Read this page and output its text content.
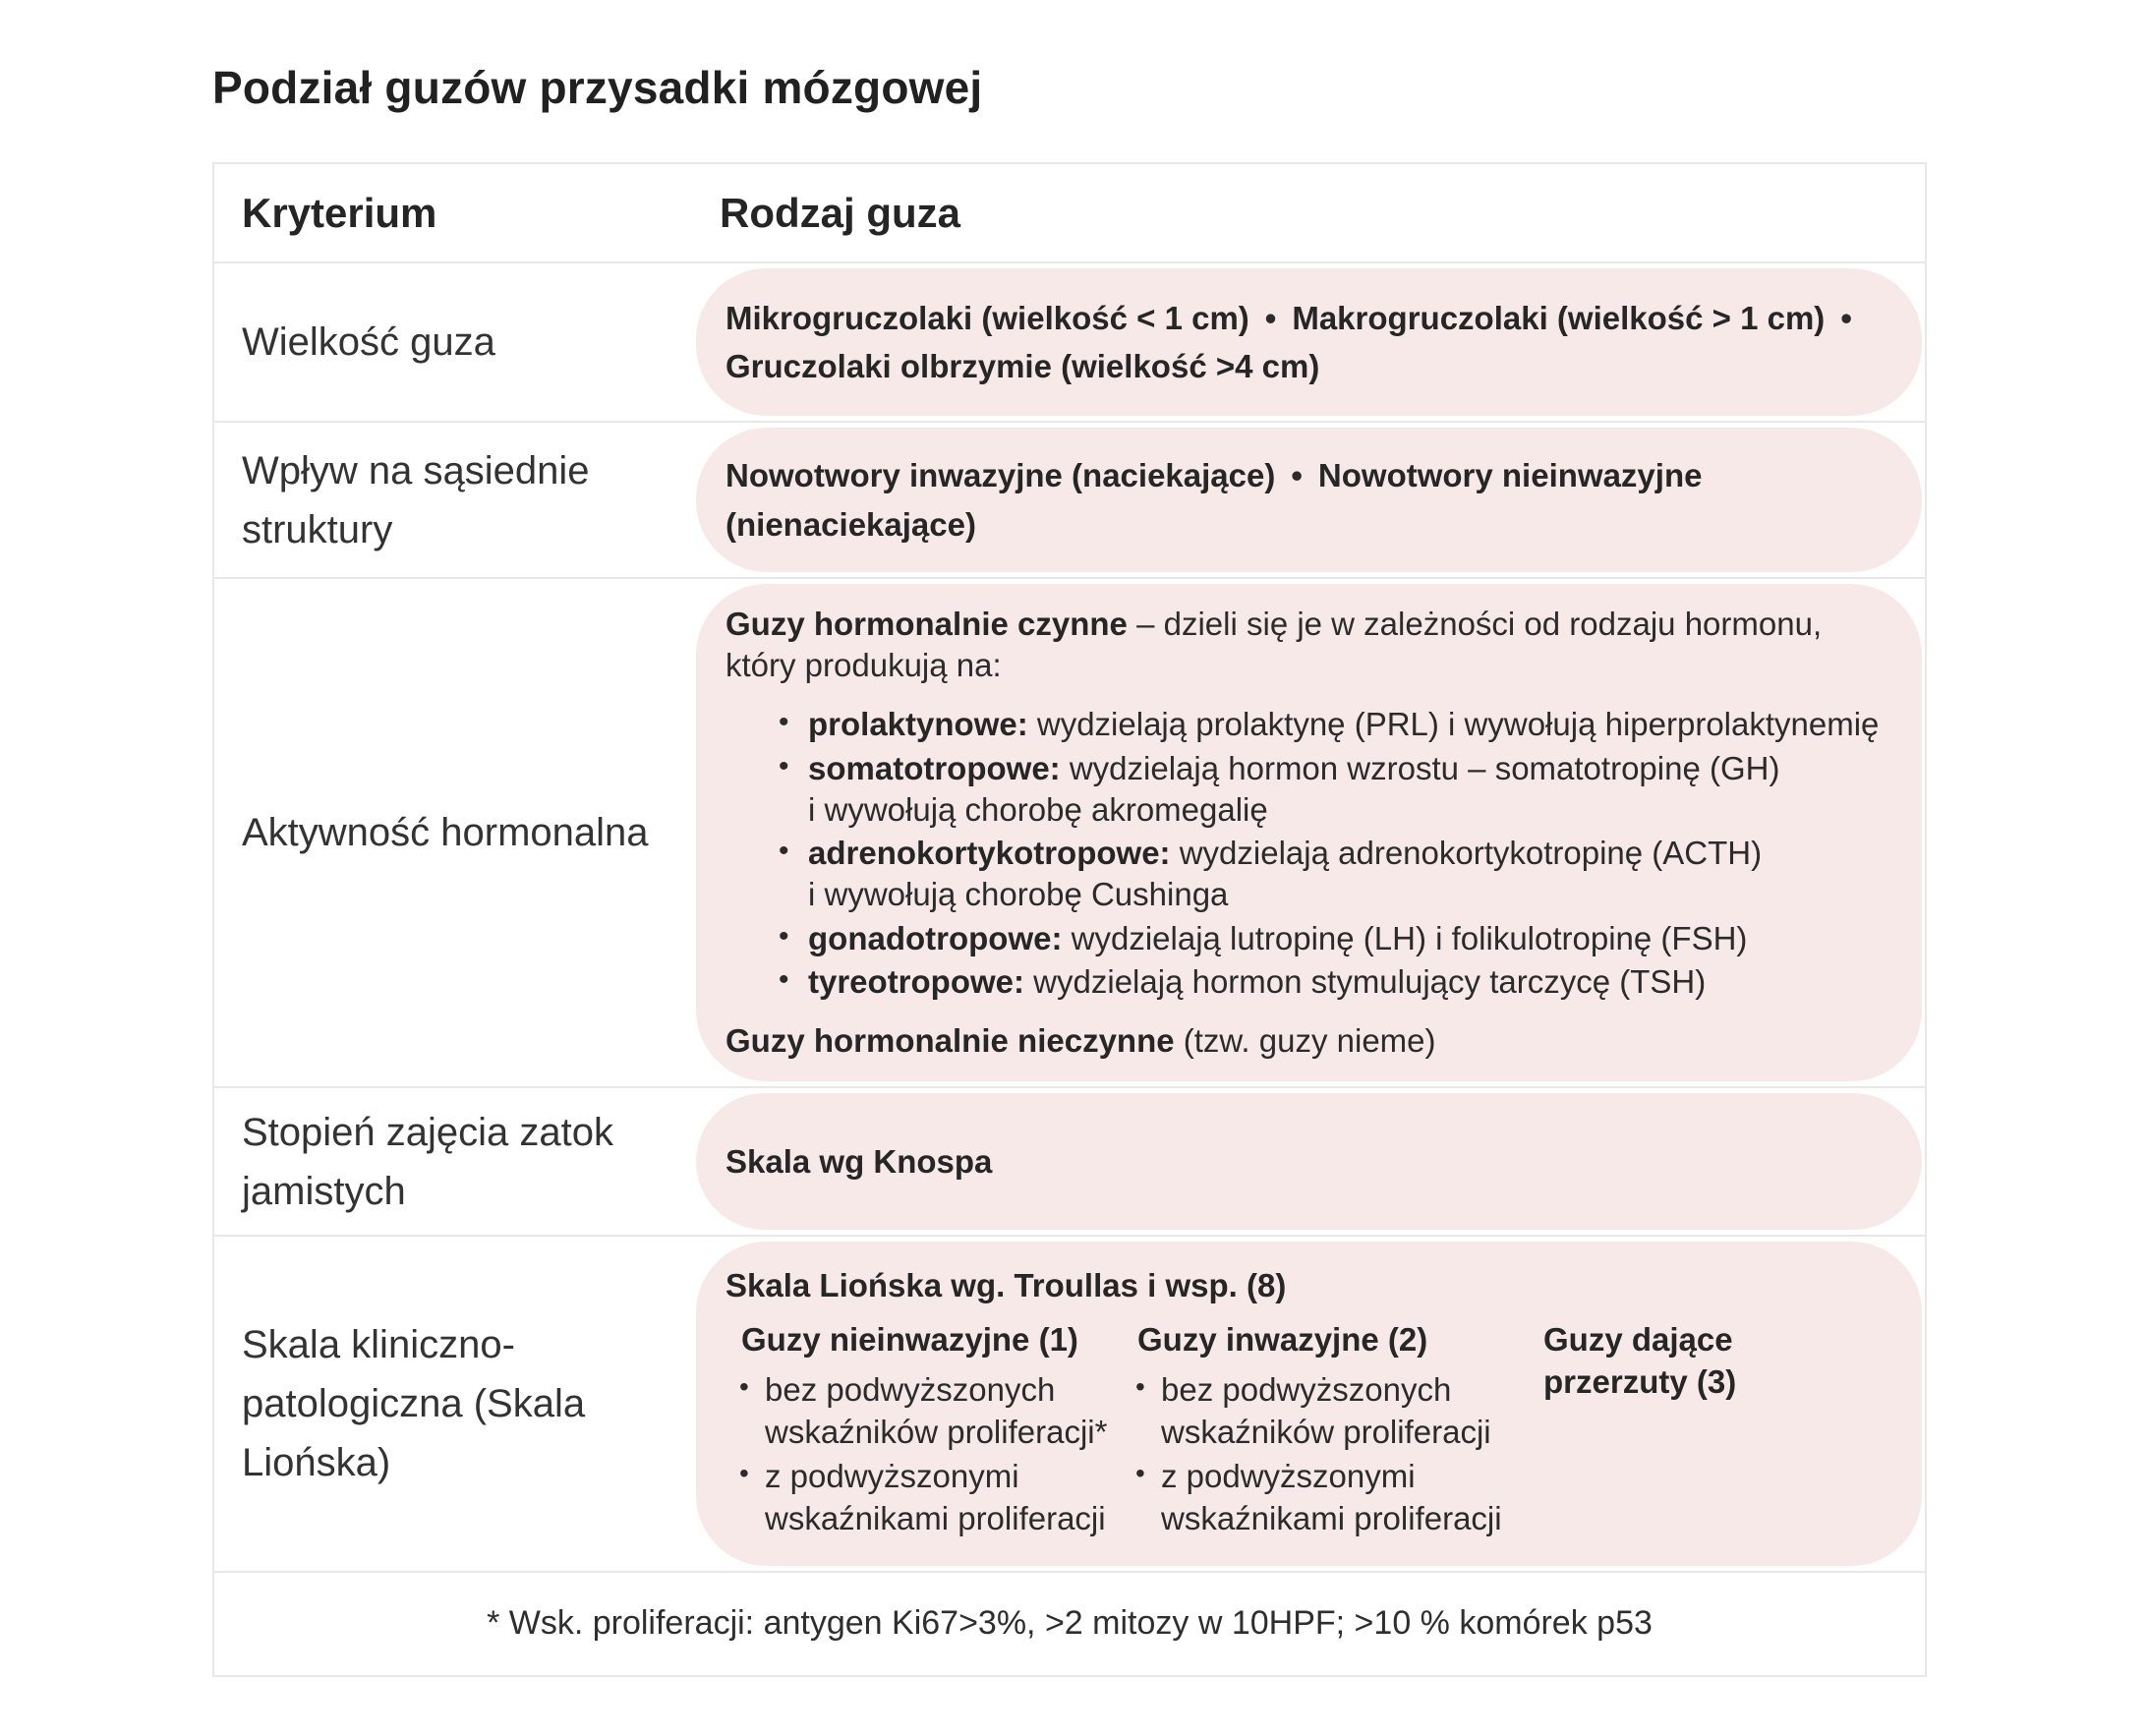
Podział guzów przysadki mózgowej
Kryterium	Rodzaj guza
Wielkość guza

Mikrogruczolaki (wielkość < 1 cm) • Makrogruczolaki (wielkość > 1 cm) •

Gruczolaki olbrzymie (wielkość >4 cm)

Wpływ na sąsiednie struktury

Nowotwory inwazyjne (naciekające) • Nowotwory nieinwazyjne (nienaciekające)

Aktywność hormonalna

Guzy hormonalnie czynne – dzieli się je w zależności od rodzaju hormonu,
który produkują na:

• prolaktynowe: wydzielają prolaktynę (PRL) i wywołują hiperprolaktynemię
• somatotropowe: wydzielają hormon wzrostu – somatotropinę (GH)
i wywołują chorobę akromegalię
• adrenokortykotropowe: wydzielają adrenokortykotropinę (ACTH)
i wywołują chorobę Cushinga
• gonadotropowe: wydzielają lutropinę (LH) i folikulotropinę (FSH)
• tyreotropowe: wydzielają hormon stymulujący tarczycę (TSH)

Guzy hormonalnie nieczynne (tzw. guzy nieme)

Stopień zajęcia zatok jamistych

Skala wg Knospa

Skala kliniczno-patologiczna (Skala Liońska)

Skala Liońska wg. Troullas i wsp. (8)

Guzy nieinwazyjne (1)

• bez podwyższonych wskaźników proliferacji*
• z podwyższonymi wskaźnikami proliferacji

Guzy inwazyjne (2)

• bez podwyższonych wskaźników proliferacji
• z podwyższonymi wskaźnikami proliferacji

Guzy dające przerzuty (3)

* Wsk. proliferacji: antygen Ki67>3%, >2 mitozy w 10HPF; >10 % komórek p53
